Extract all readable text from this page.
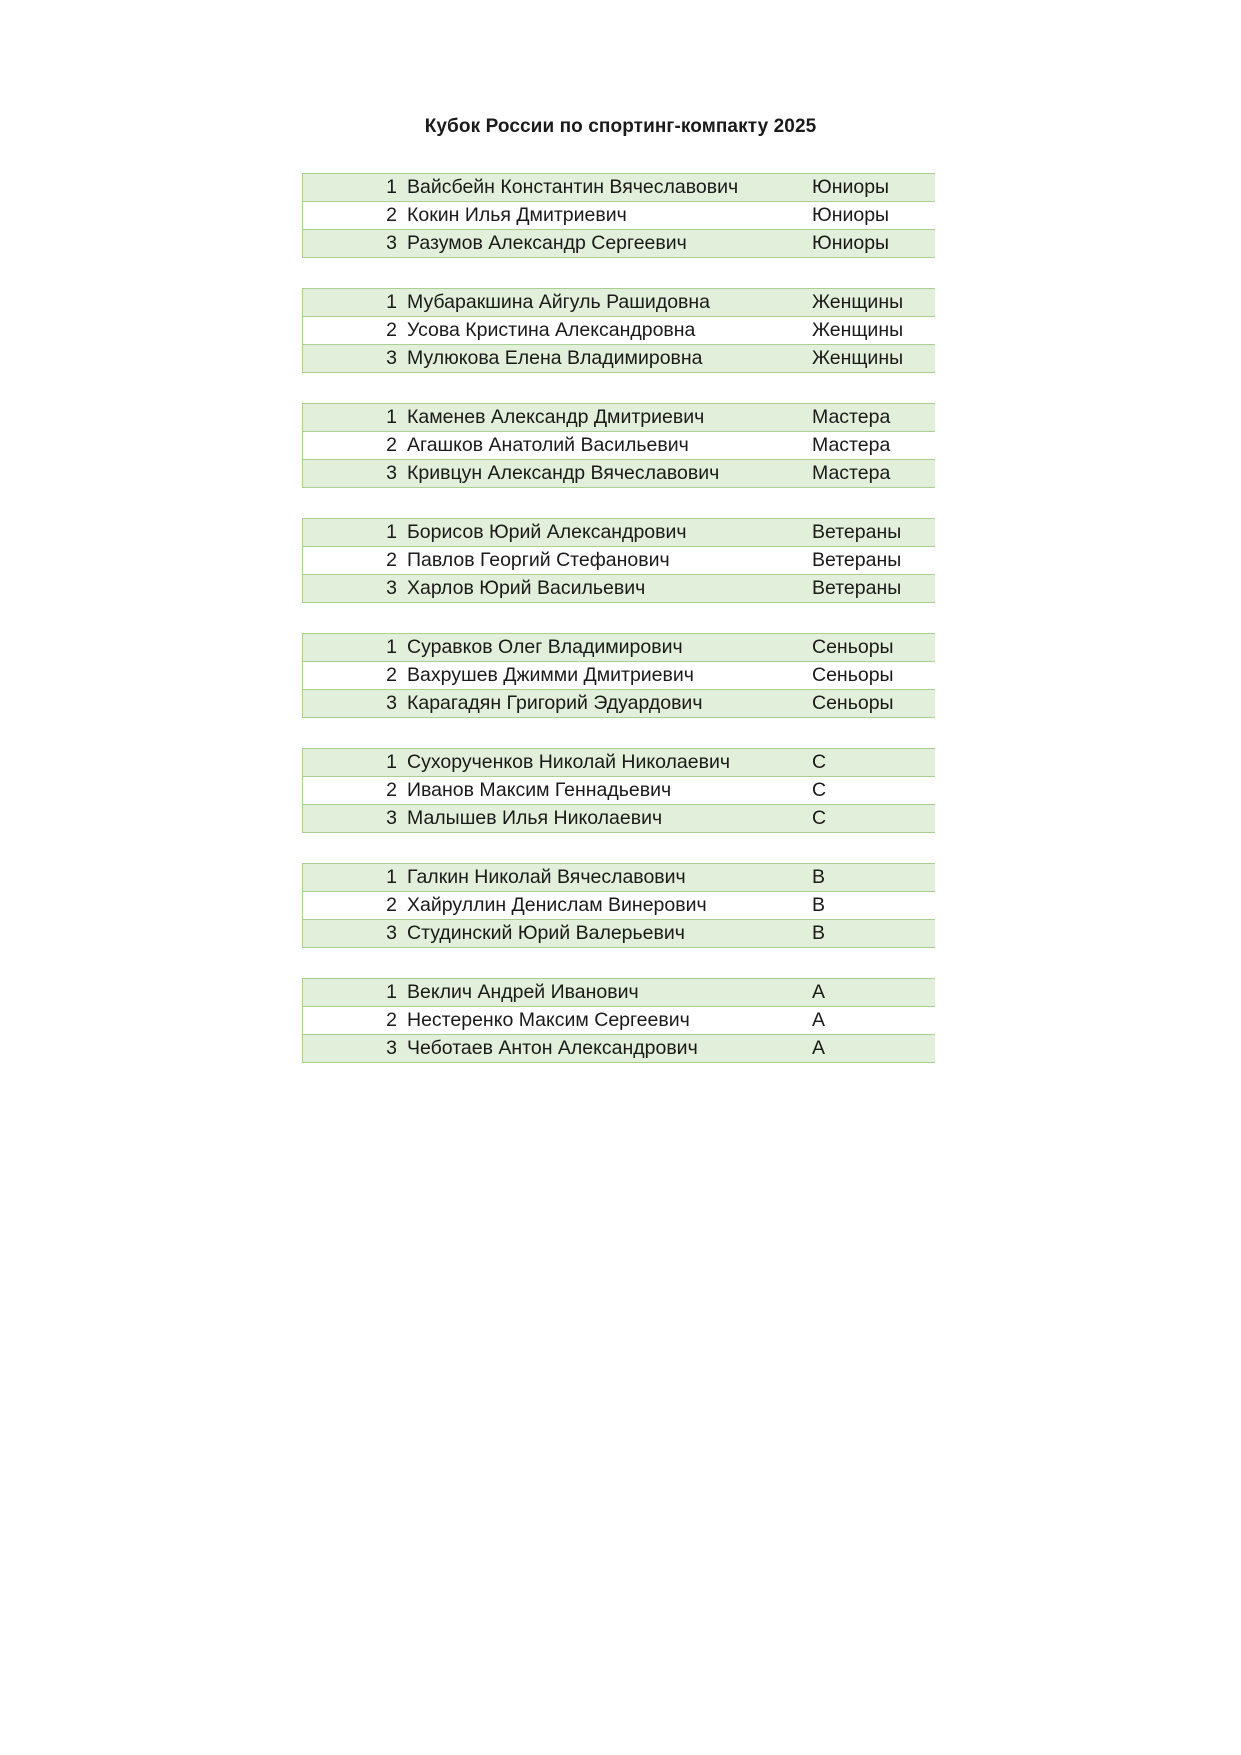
Кубок России по спортинг-компакту 2025
1 Вайсбейн Константин Вячеславович	Юниоры
2 Кокин Илья Дмитриевич	Юниоры
3 Разумов Александр Сергеевич	Юниоры
1 Мубаракшина Айгуль Рашидовна	Женщины
2 Усова Кристина Александровна	Женщины
3 Мулюкова Елена Владимировна	Женщины
1 Каменев Александр Дмитриевич	Мастера
2 Агашков Анатолий Васильевич	Мастера
3 Кривцун Александр Вячеславович	Мастера
1 Борисов Юрий Александрович	Ветераны
2 Павлов Георгий Стефанович	Ветераны
3 Харлов Юрий Васильевич	Ветераны
1 Суравков Олег Владимирович	Сеньоры
2 Вахрушев Джимми Дмитриевич	Сеньоры
3 Карагадян Григорий Эдуардович	Сеньоры
1 Сухорученков Николай Николаевич	C
2 Иванов Максим Геннадьевич	C
3 Малышев Илья Николаевич	C
1 Галкин Николай Вячеславович	B
2 Хайруллин Денислам Винерович	B
3 Студинский Юрий Валерьевич	B
1 Веклич Андрей Иванович	A
2 Нестеренко Максим Сергеевич	A
3 Чеботаев Антон Александрович	A
